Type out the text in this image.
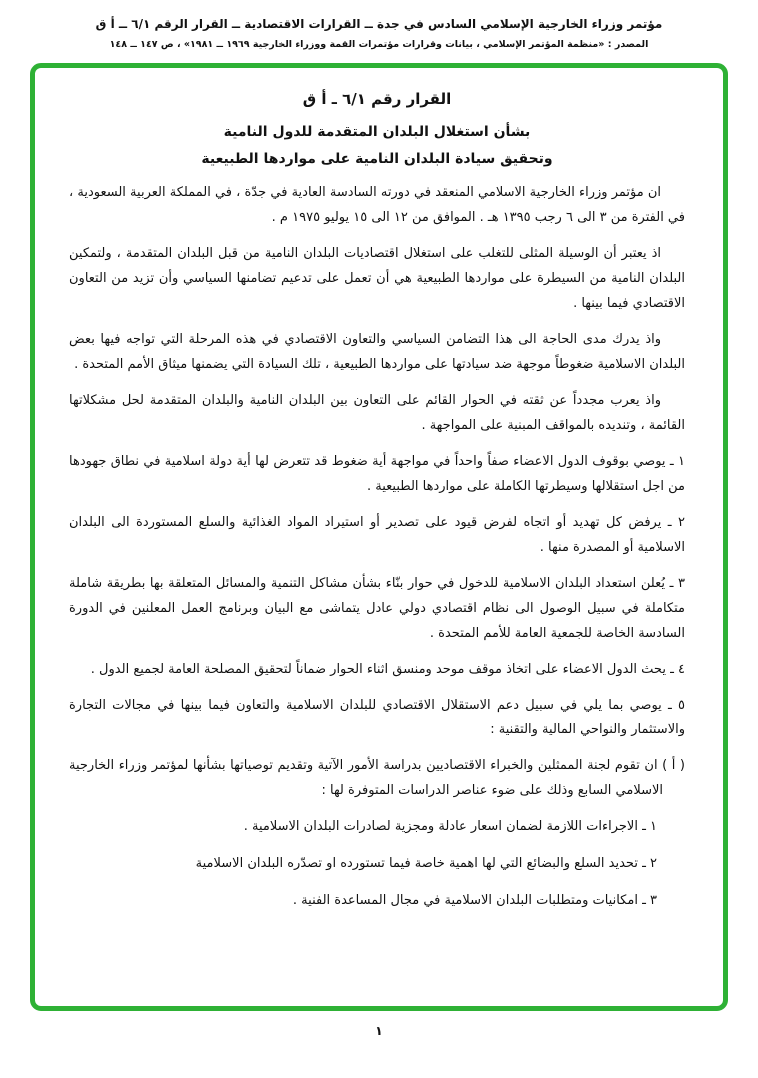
مؤتمر وزراء الخارجية الإسلامي السادس في جدة ــ القرارات الاقتصادية ــ القرار الرقم ٦/١ ــ أ ق
المصدر : «منظمة المؤتمر الإسلامي ، بيانات وقرارات مؤتمرات القمة ووزراء الخارجية ١٩٦٩ ــ ١٩٨١» ، ص ١٤٧ ــ ١٤٨
القرار رقم ٦/١ ـ أ ق
بشأن استغلال البلدان المتقدمة للدول النامية
وتحقيق سيادة البلدان النامية على مواردها الطبيعية

ان مؤتمر وزراء الخارجية الاسلامي المنعقد في دورته السادسة العادية في جدّة ، في المملكة العربية السعودية ، في الفترة من ٣ الى ٦ رجب ١٣٩٥ هـ . الموافق من ١٢ الى ١٥ يوليو ١٩٧٥ م .

اذ يعتبر أن الوسيلة المثلى للتغلب على استغلال اقتصاديات البلدان النامية من قبل البلدان المتقدمة ، ولتمكين البلدان النامية من السيطرة على مواردها الطبيعية هي أن تعمل على تدعيم تضامنها السياسي وأن تزيد من التعاون الاقتصادي فيما بينها .

واذ يدرك مدى الحاجة الى هذا التضامن السياسي والتعاون الاقتصادي في هذه المرحلة التي تواجه فيها بعض البلدان الاسلامية ضغوطاً موجهة ضد سيادتها على مواردها الطبيعية ، تلك السيادة التي يضمنها ميثاق الأمم المتحدة .

واذ يعرب مجدداً عن ثقته في الحوار القائم على التعاون بين البلدان النامية والبلدان المتقدمة لحل مشكلاتها القائمة ، وتنديده بالمواقف المبنية على المواجهة .

١ ـ يوصي بوقوف الدول الاعضاء صفاً واحداً في مواجهة أية ضغوط قد تتعرض لها أية دولة اسلامية في نطاق جهودها من اجل استقلالها وسيطرتها الكاملة على مواردها الطبيعية .

٢ ـ يرفض كل تهديد أو اتجاه لفرض قيود على تصدير أو استيراد المواد الغذائية والسلع المستوردة الى البلدان الاسلامية أو المصدرة منها .

٣ ـ يُعلن استعداد البلدان الاسلامية للدخول في حوار بنّاء بشأن مشاكل التنمية والمسائل المتعلقة بها بطريقة شاملة متكاملة في سبيل الوصول الى نظام اقتصادي دولي عادل يتماشى مع البيان وبرنامج العمل المعلنين في الدورة السادسة الخاصة للجمعية العامة للأمم المتحدة .

٤ ـ يحث الدول الاعضاء على اتخاذ موقف موحد ومنسق اثناء الحوار ضماناً لتحقيق المصلحة العامة لجميع الدول .

٥ ـ يوصي بما يلي في سبيل دعم الاستقلال الاقتصادي للبلدان الاسلامية والتعاون فيما بينها في مجالات التجارة والاستثمار والنواحي المالية والتقنية :

( أ ) ان تقوم لجنة الممثلين والخبراء الاقتصاديين بدراسة الأمور الآتية وتقديم توصياتها بشأنها لمؤتمر وزراء الخارجية الاسلامي السابع وذلك على ضوء عناصر الدراسات المتوفرة لها :

١ ـ الاجراءات اللازمة لضمان اسعار عادلة ومجزية لصادرات البلدان الاسلامية .

٢ ـ تحديد السلع والبضائع التي لها اهمية خاصة فيما تستورده او تصدّره البلدان الاسلامية

٣ ـ امكانيات ومتطلبات البلدان الاسلامية في مجال المساعدة الفنية .

١
